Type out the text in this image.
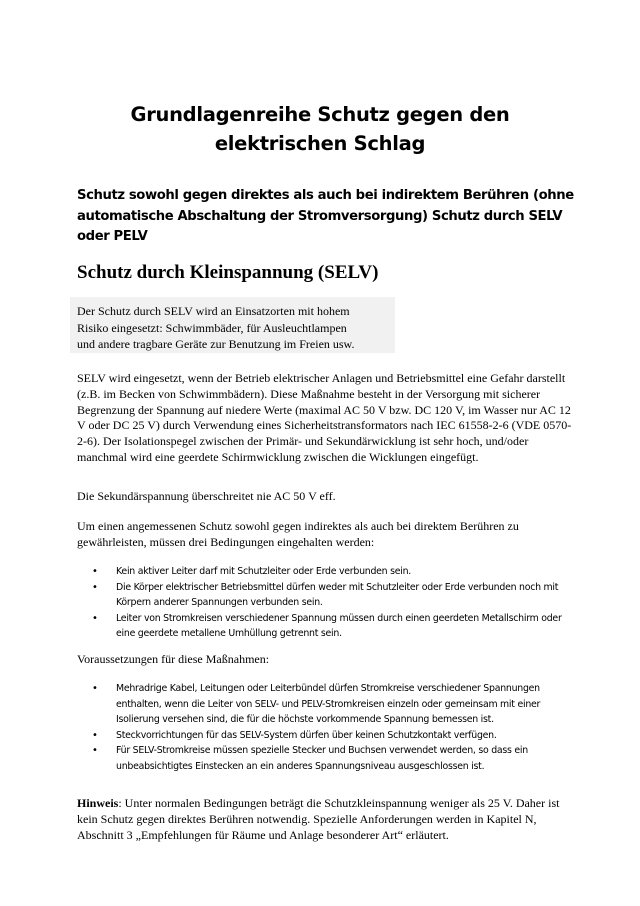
Grundlagenreihe Schutz gegen den elektrischen Schlag

Schutz sowohl gegen direktes als auch bei indirektem Berühren (ohne automatische Abschaltung der Stromversorgung) Schutz durch SELV oder PELV

Schutz durch Kleinspannung (SELV)

Der Schutz durch SELV wird an Einsatzorten mit hohem

Risiko eingesetzt: Schwimmbäder, für Ausleuchtlampen

und andere tragbare Geräte zur Benutzung im Freien usw.

SELV wird eingesetzt, wenn der Betrieb elektrischer Anlagen und Betriebsmittel eine Gefahr darstellt (z.B. im Becken von Schwimmbädern). Diese Maßnahme besteht in der Versorgung mit sicherer Begrenzung der Spannung auf niedere Werte (maximal AC 50 V bzw. DC 120 V, im Wasser nur AC 12 V oder DC 25 V) durch Verwendung eines Sicherheitstransformators nach IEC 61558-2-6 (VDE 0570-2-6). Der Isolationspegel zwischen der Primär- und Sekundärwicklung ist sehr hoch, und/oder manchmal wird eine geerdete Schirmwicklung zwischen die Wicklungen eingefügt.

Die Sekundärspannung überschreitet nie AC 50 V eff.

Um einen angemessenen Schutz sowohl gegen indirektes als auch bei direktem Berühren zu gewährleisten, müssen drei Bedingungen eingehalten werden:

• Kein aktiver Leiter darf mit Schutzleiter oder Erde verbunden sein.
• Die Körper elektrischer Betriebsmittel dürfen weder mit Schutzleiter oder Erde verbunden noch mit Körpern anderer Spannungen verbunden sein.
• Leiter von Stromkreisen verschiedener Spannung müssen durch einen geerdeten Metallschirm oder eine geerdete metallene Umhüllung getrennt sein.

Voraussetzungen für diese Maßnahmen:

• Mehradrige Kabel, Leitungen oder Leiterbündel dürfen Stromkreise verschiedener Spannungen enthalten, wenn die Leiter von SELV- und PELV-Stromkreisen einzeln oder gemeinsam mit einer Isolierung versehen sind, die für die höchste vorkommende Spannung bemessen ist.
• Steckvorrichtungen für das SELV-System dürfen über keinen Schutzkontakt verfügen.
• Für SELV-Stromkreise müssen spezielle Stecker und Buchsen verwendet werden, so dass ein unbeabsichtigtes Einstecken an ein anderes Spannungsniveau ausgeschlossen ist.

Hinweis: Unter normalen Bedingungen beträgt die Schutzkleinspannung weniger als 25 V. Daher ist kein Schutz gegen direktes Berühren notwendig. Spezielle Anforderungen werden in Kapitel N, Abschnitt 3 „Empfehlungen für Räume und Anlage besonderer Art“ erläutert.
